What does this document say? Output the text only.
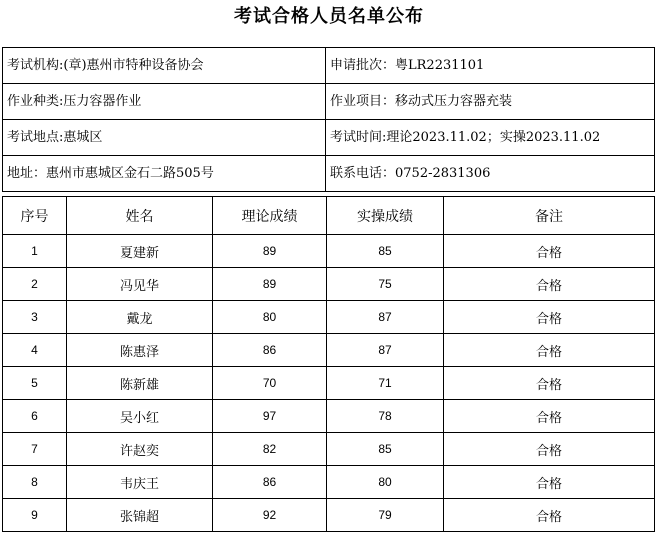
考试合格人员名单公布
考试机构:(章)惠州市特种设备协会	申请批次：粤LR2231101
作业种类:压力容器作业	作业项目：移动式压力容器充装
考试地点:惠城区	考试时间:理论2023.11.02；实操2023.11.02
地址：惠州市惠城区金石二路505号	联系电话：0752-2831306
序号	姓名	理论成绩	实操成绩	备注
1	夏建新	89	85	合格
2	冯见华	89	75	合格
3	戴龙	80	87	合格
4	陈惠泽	86	87	合格
5	陈新雄	70	71	合格
6	吴小红	97	78	合格
7	许赵奕	82	85	合格
8	韦庆王	86	80	合格
9	张锦超	92	79	合格
